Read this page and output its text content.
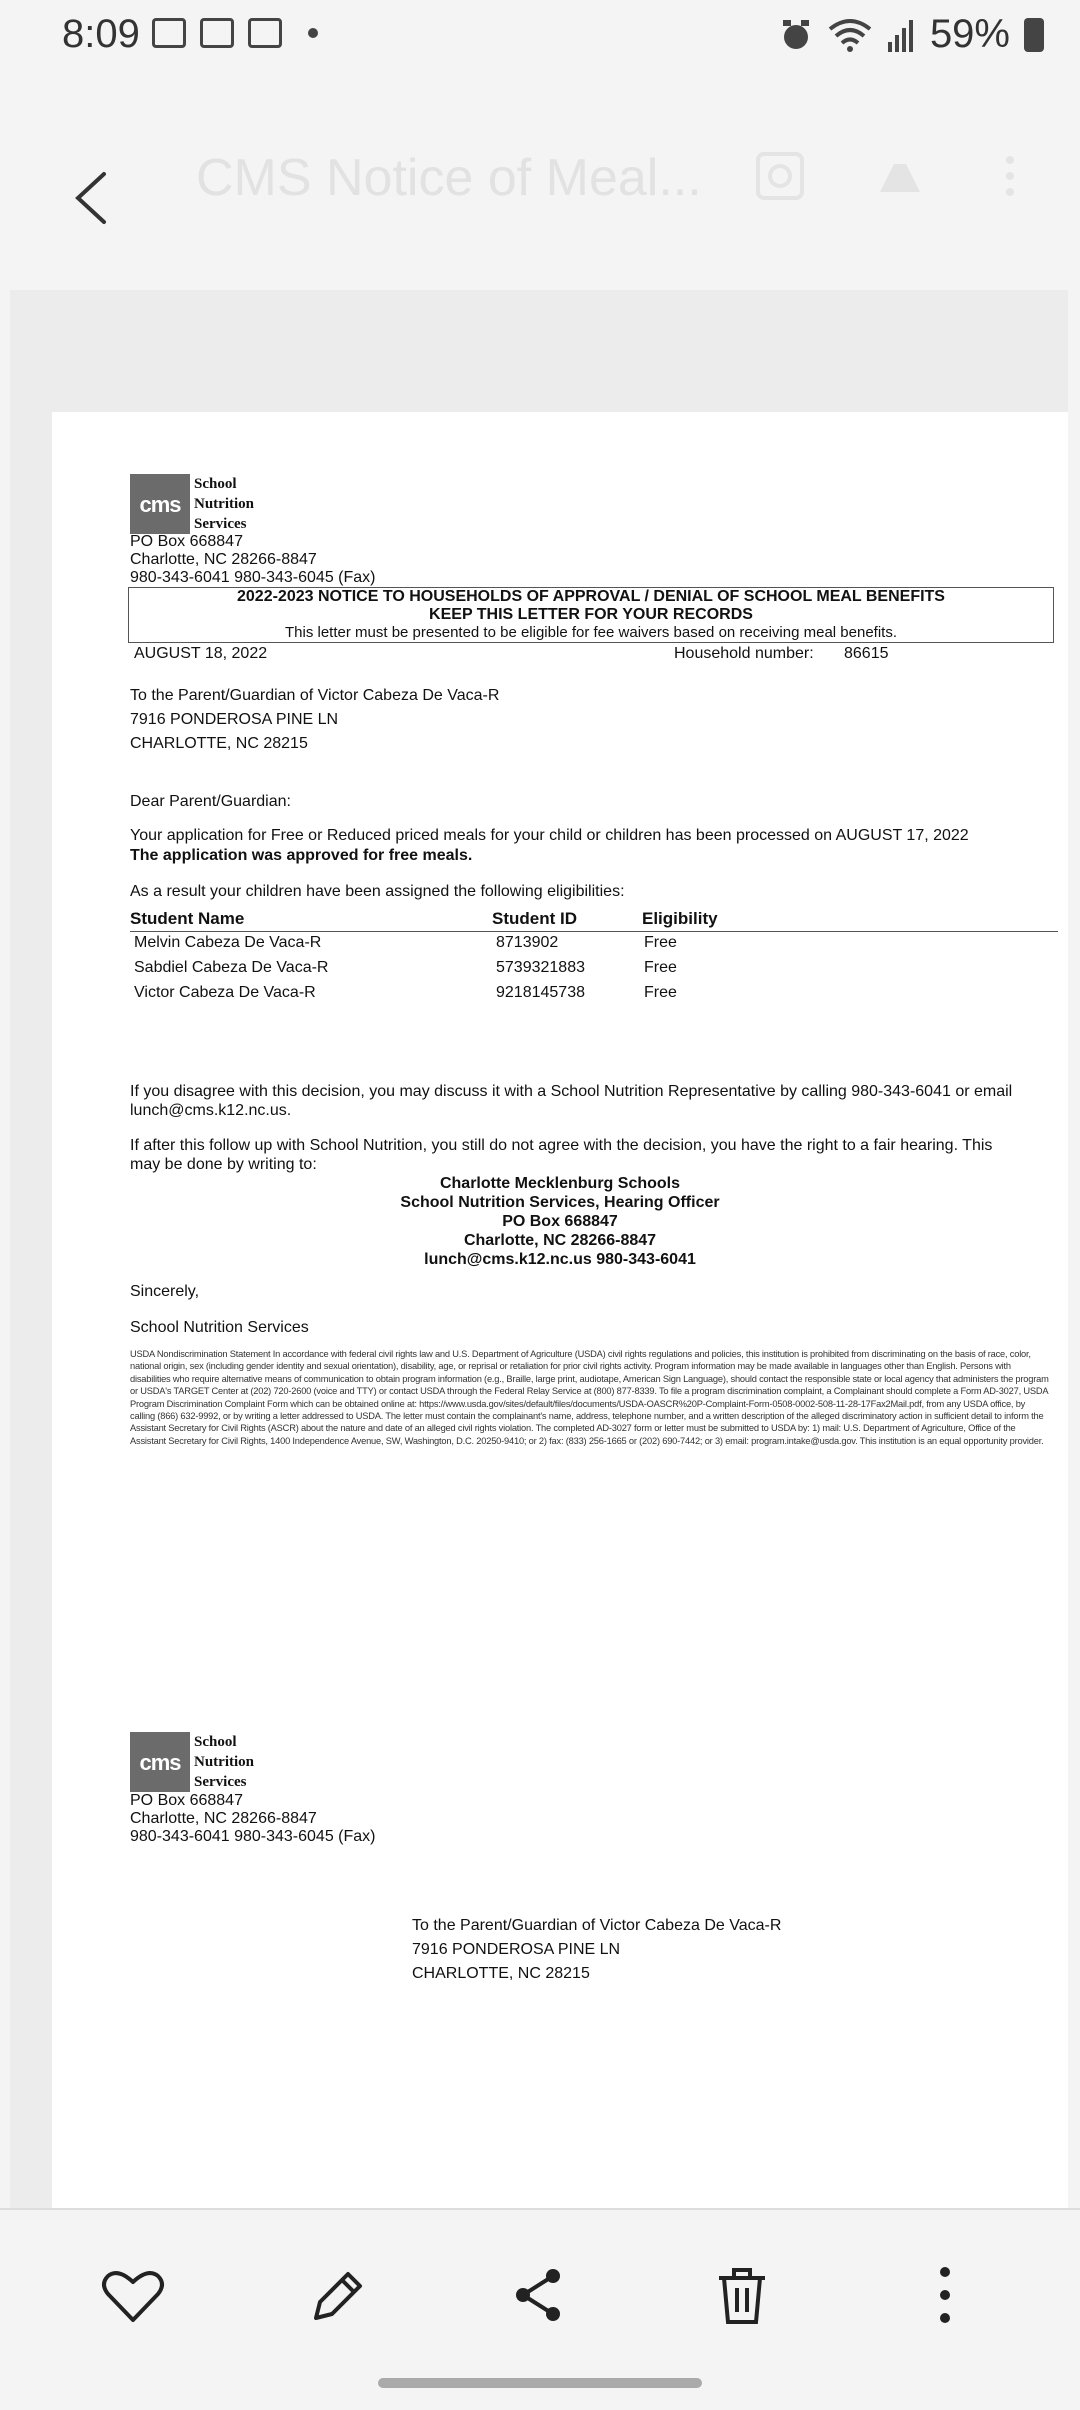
8:09	59%
CMS Notice of Meal...
cms
School
Nutrition
Services
PO Box 668847
Charlotte, NC 28266-8847
980-343-6041 980-343-6045 (Fax)
2022-2023 NOTICE TO HOUSEHOLDS OF APPROVAL / DENIAL OF SCHOOL MEAL BENEFITS
KEEP THIS LETTER FOR YOUR RECORDS
This letter must be presented to be eligible for fee waivers based on receiving meal benefits.
AUGUST 18, 2022	Household number: 86615
To the Parent/Guardian of Victor Cabeza De Vaca-R
7916 PONDEROSA PINE LN
CHARLOTTE, NC 28215
Dear Parent/Guardian:
Your application for Free or Reduced priced meals for your child or children has been processed on AUGUST 17, 2022
The application was approved for free meals.
As a result your children have been assigned the following eligibilities:
Student Name	Student ID	Eligibility
Melvin Cabeza De Vaca-R	8713902	Free
Sabdiel Cabeza De Vaca-R	5739321883	Free
Victor Cabeza De Vaca-R	9218145738	Free
If you disagree with this decision, you may discuss it with a School Nutrition Representative by calling 980-343-6041 or email
lunch@cms.k12.nc.us.
If after this follow up with School Nutrition, you still do not agree with the decision, you have the right to a fair hearing. This
may be done by writing to:
Charlotte Mecklenburg Schools
School Nutrition Services, Hearing Officer
PO Box 668847
Charlotte, NC 28266-8847
lunch@cms.k12.nc.us 980-343-6041
Sincerely,
School Nutrition Services
USDA Nondiscrimination Statement In accordance with federal civil rights law and U.S. Department of Agriculture (USDA) civil rights regulations and policies, this institution is prohibited from discriminating on the basis of race, color, national origin, sex (including gender identity and sexual orientation), disability, age, or reprisal or retaliation for prior civil rights activity. Program information may be made available in languages other than English. Persons with disabilities who require alternative means of communication to obtain program information (e.g., Braille, large print, audiotape, American Sign Language), should contact the responsible state or local agency that administers the program or USDA's TARGET Center at (202) 720-2600 (voice and TTY) or contact USDA through the Federal Relay Service at (800) 877-8339. To file a program discrimination complaint, a Complainant should complete a Form AD-3027, USDA Program Discrimination Complaint Form which can be obtained online at: https://www.usda.gov/sites/default/files/documents/USDA-OASCR%20P-Complaint-Form-0508-0002-508-11-28-17Fax2Mail.pdf, from any USDA office, by calling (866) 632-9992, or by writing a letter addressed to USDA. The letter must contain the complainant's name, address, telephone number, and a written description of the alleged discriminatory action in sufficient detail to inform the Assistant Secretary for Civil Rights (ASCR) about the nature and date of an alleged civil rights violation. The completed AD-3027 form or letter must be submitted to USDA by: 1) mail: U.S. Department of Agriculture, Office of the Assistant Secretary for Civil Rights, 1400 Independence Avenue, SW, Washington, D.C. 20250-9410; or 2) fax: (833) 256-1665 or (202) 690-7442; or 3) email: program.intake@usda.gov. This institution is an equal opportunity provider.
cms
School
Nutrition
Services
PO Box 668847
Charlotte, NC 28266-8847
980-343-6041 980-343-6045 (Fax)
To the Parent/Guardian of Victor Cabeza De Vaca-R
7916 PONDEROSA PINE LN
CHARLOTTE, NC 28215
